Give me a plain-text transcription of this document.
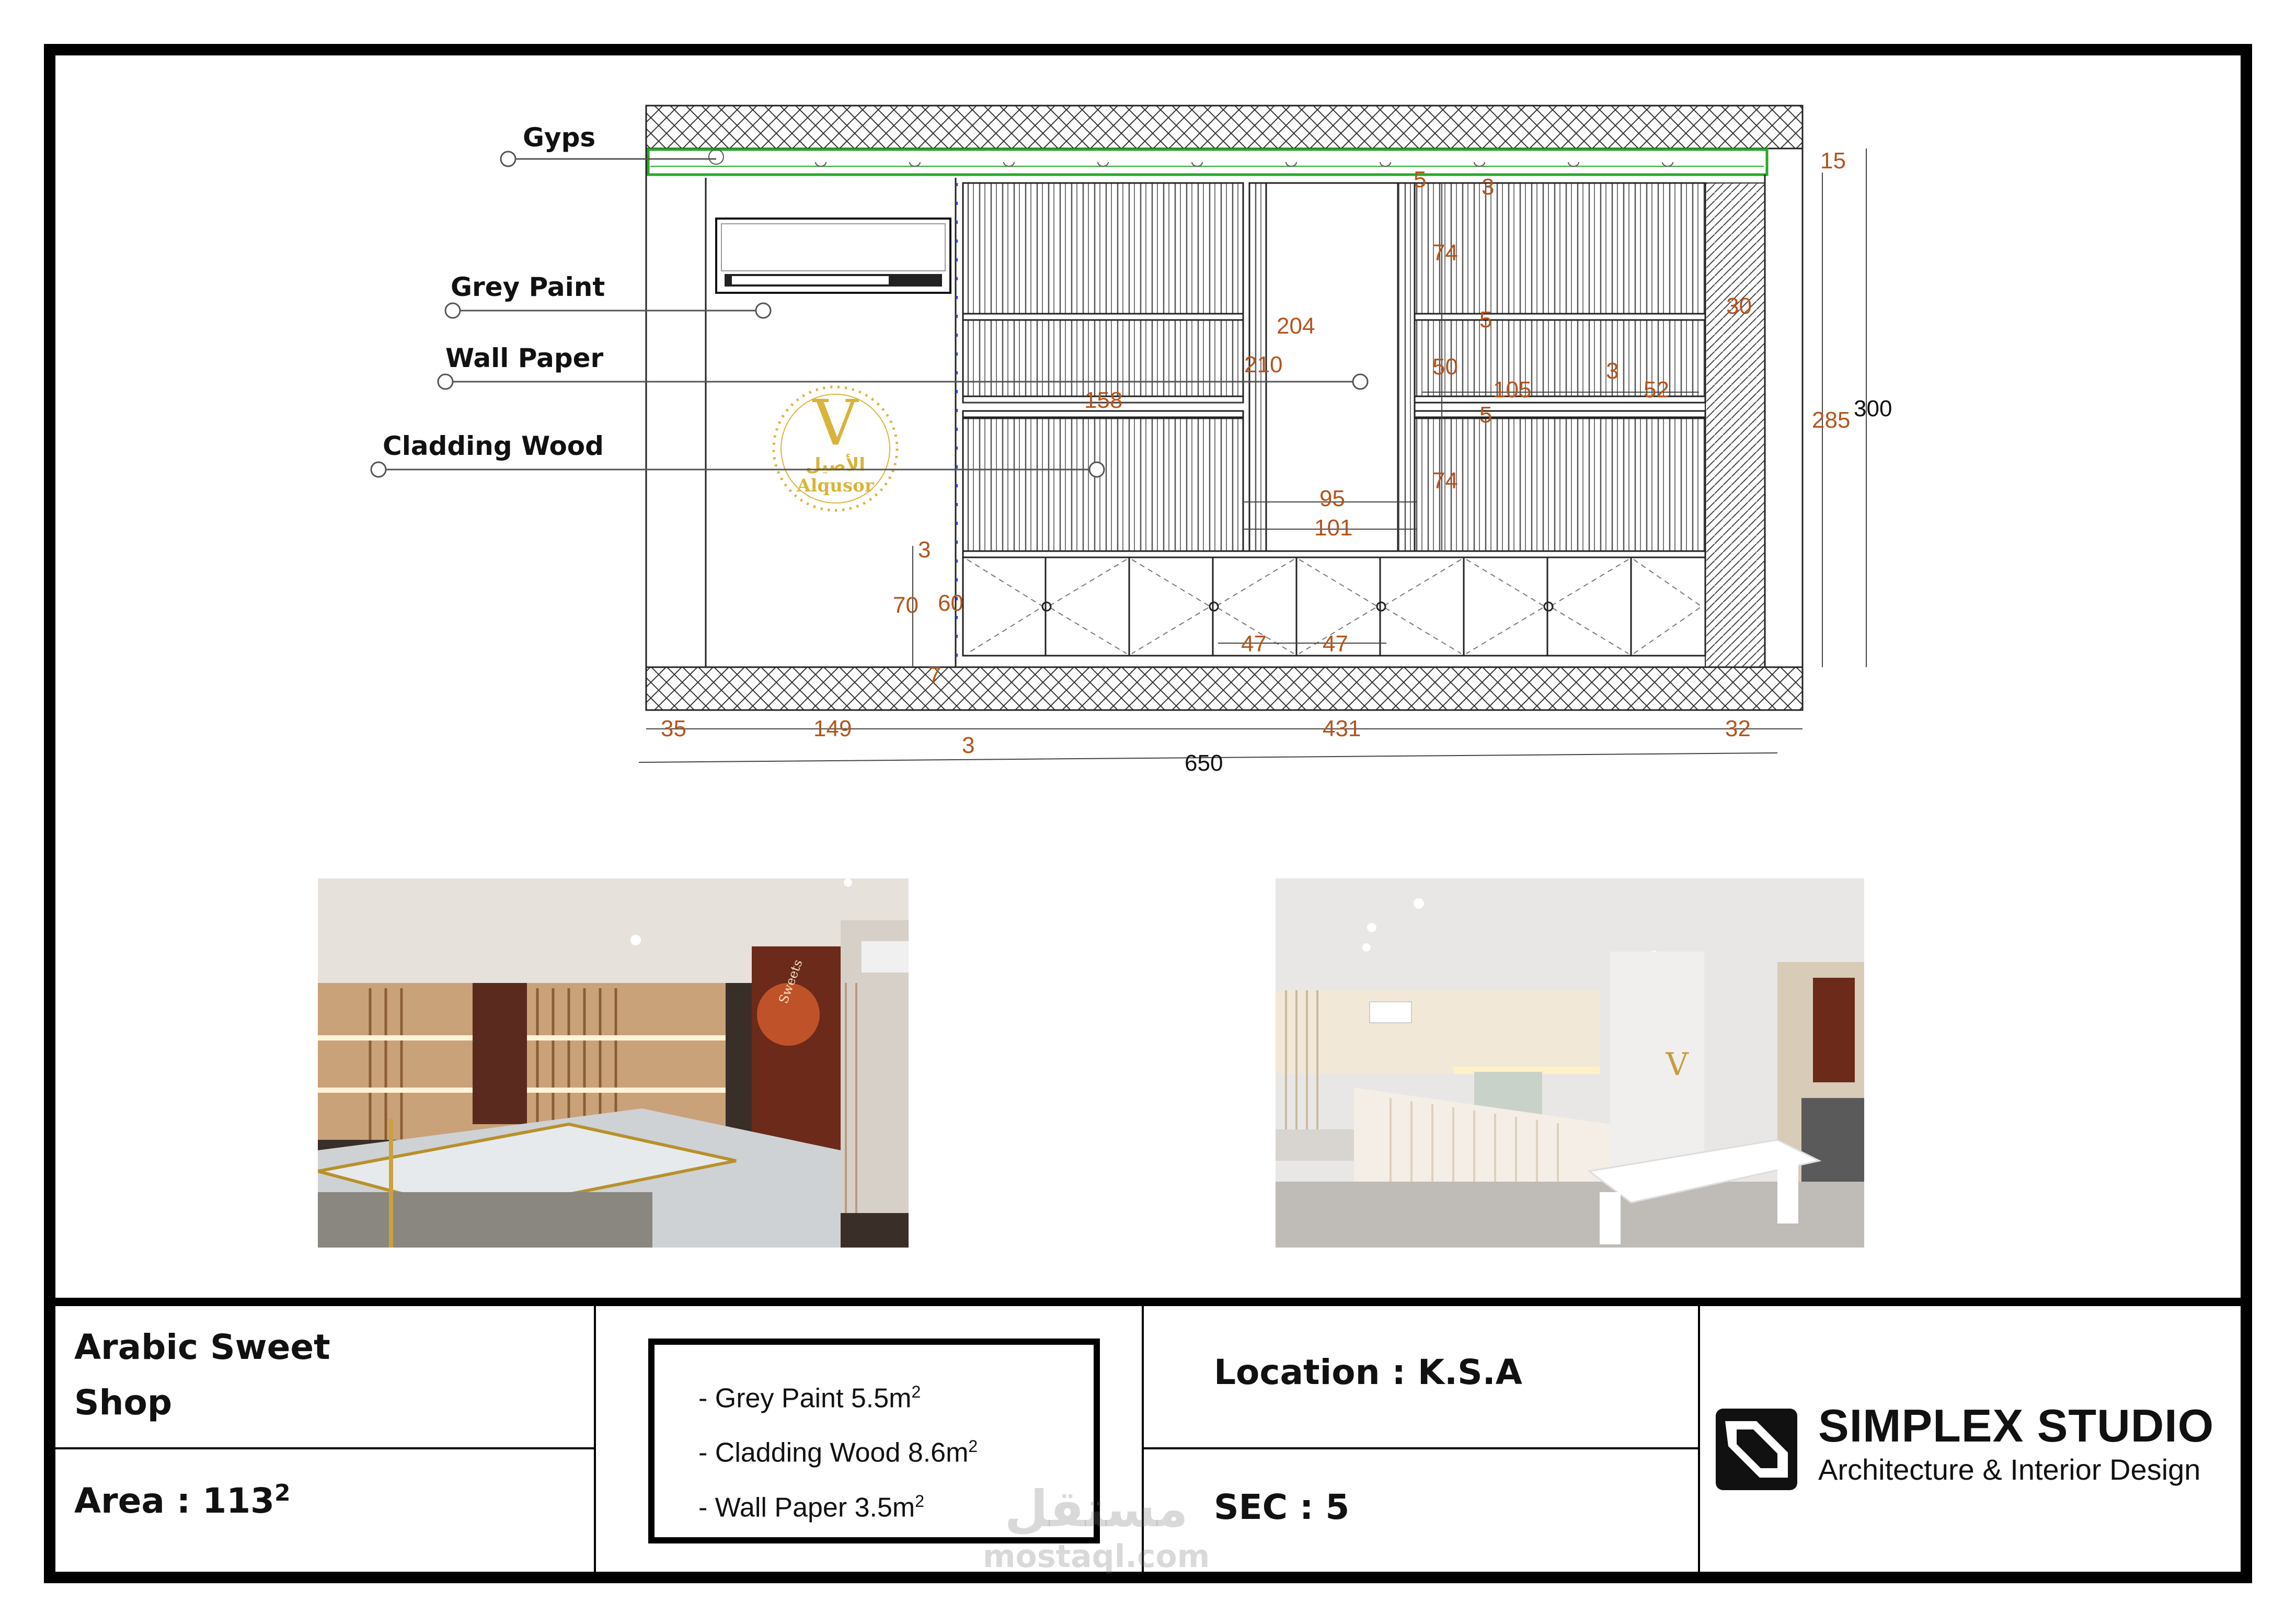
V
الأصيل
Alqusor
Gyps
Grey Paint
Wall Paper
Cladding Wood
15
300
285
30
5 3
74
204	5
210	50
105
3
52
158
5
74
95
101
3
70 60
47 47
7
35	149	431	32
3
650
Sweets
V
Arabic Sweet
Shop
Area : $113^2$
- Grey Paint $5.5m^2$
- Cladding Wood $8.6m^2$
- Wall Paper $3.5m^2$
Location : K.S.A
SEC : 5
SIMPLEX STUDIO
Architecture & Interior Design
مستقل
mostaql.com
